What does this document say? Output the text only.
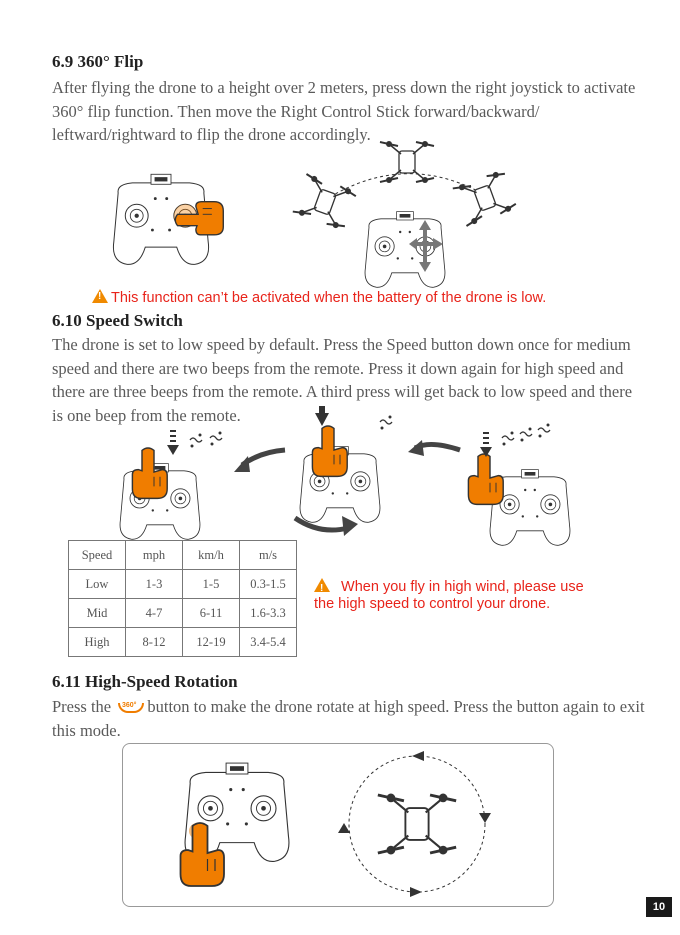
6.9 360° Flip

After flying the drone to a height over 2 meters, press down the right joystick to activate 360° flip function. Then move the Right Control Stick forward/backward/ leftward/rightward to flip the drone accordingly.

!This function can’t be activated when the battery of the drone is low.
6.10 Speed Switch

The drone is set to low speed by default. Press the Speed button down once for medium speed and there are two beeps from the remote. Press it down again for high speed and there are three beeps from the remote. A third press will get back to low speed and there is one beep from the remote.

Speed	mph	km/h	m/s
Low	1-3	1-5	0.3-1.5
Mid	4-7	6-11	1.6-3.3
High	8-12	12-19	3.4-5.4
! When you fly in high wind, please use
the high speed to control your drone.
6.11 High-Speed Rotation

Press the	360° button to make the drone rotate at high speed. Press the button again to exit this mode.

10
